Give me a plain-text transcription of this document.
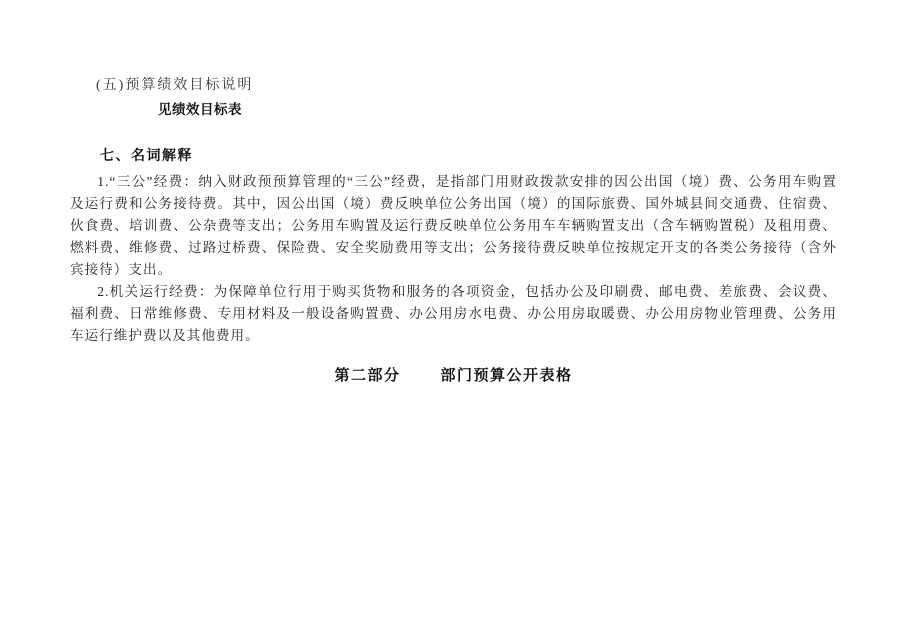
(五)预算绩效目标说明
见绩效目标表
七、名词解释

1.“三公”经费：纳入财政预预算管理的“三公”经费，是指部门用财政拨款安排的因公出国（境）费、公务用车购置及运行费和公务接待费。其中，因公出国（境）费反映单位公务出国（境）的国际旅费、国外城县间交通费、住宿费、伙食费、培训费、公杂费等支出；公务用车购置及运行费反映单位公务用车车辆购置支出（含车辆购置税）及租用费、燃料费、维修费、过路过桥费、保险费、安全奖励费用等支出；公务接待费反映单位按规定开支的各类公务接待（含外宾接待）支出。

2.机关运行经费：为保障单位行用于购买货物和服务的各项资金，包括办公及印刷费、邮电费、差旅费、会议费、福利费、日常维修费、专用材料及一般设备购置费、办公用房水电费、办公用房取暖费、办公用房物业管理费、公务用车运行维护费以及其他费用。

第二部分	部门预算公开表格
